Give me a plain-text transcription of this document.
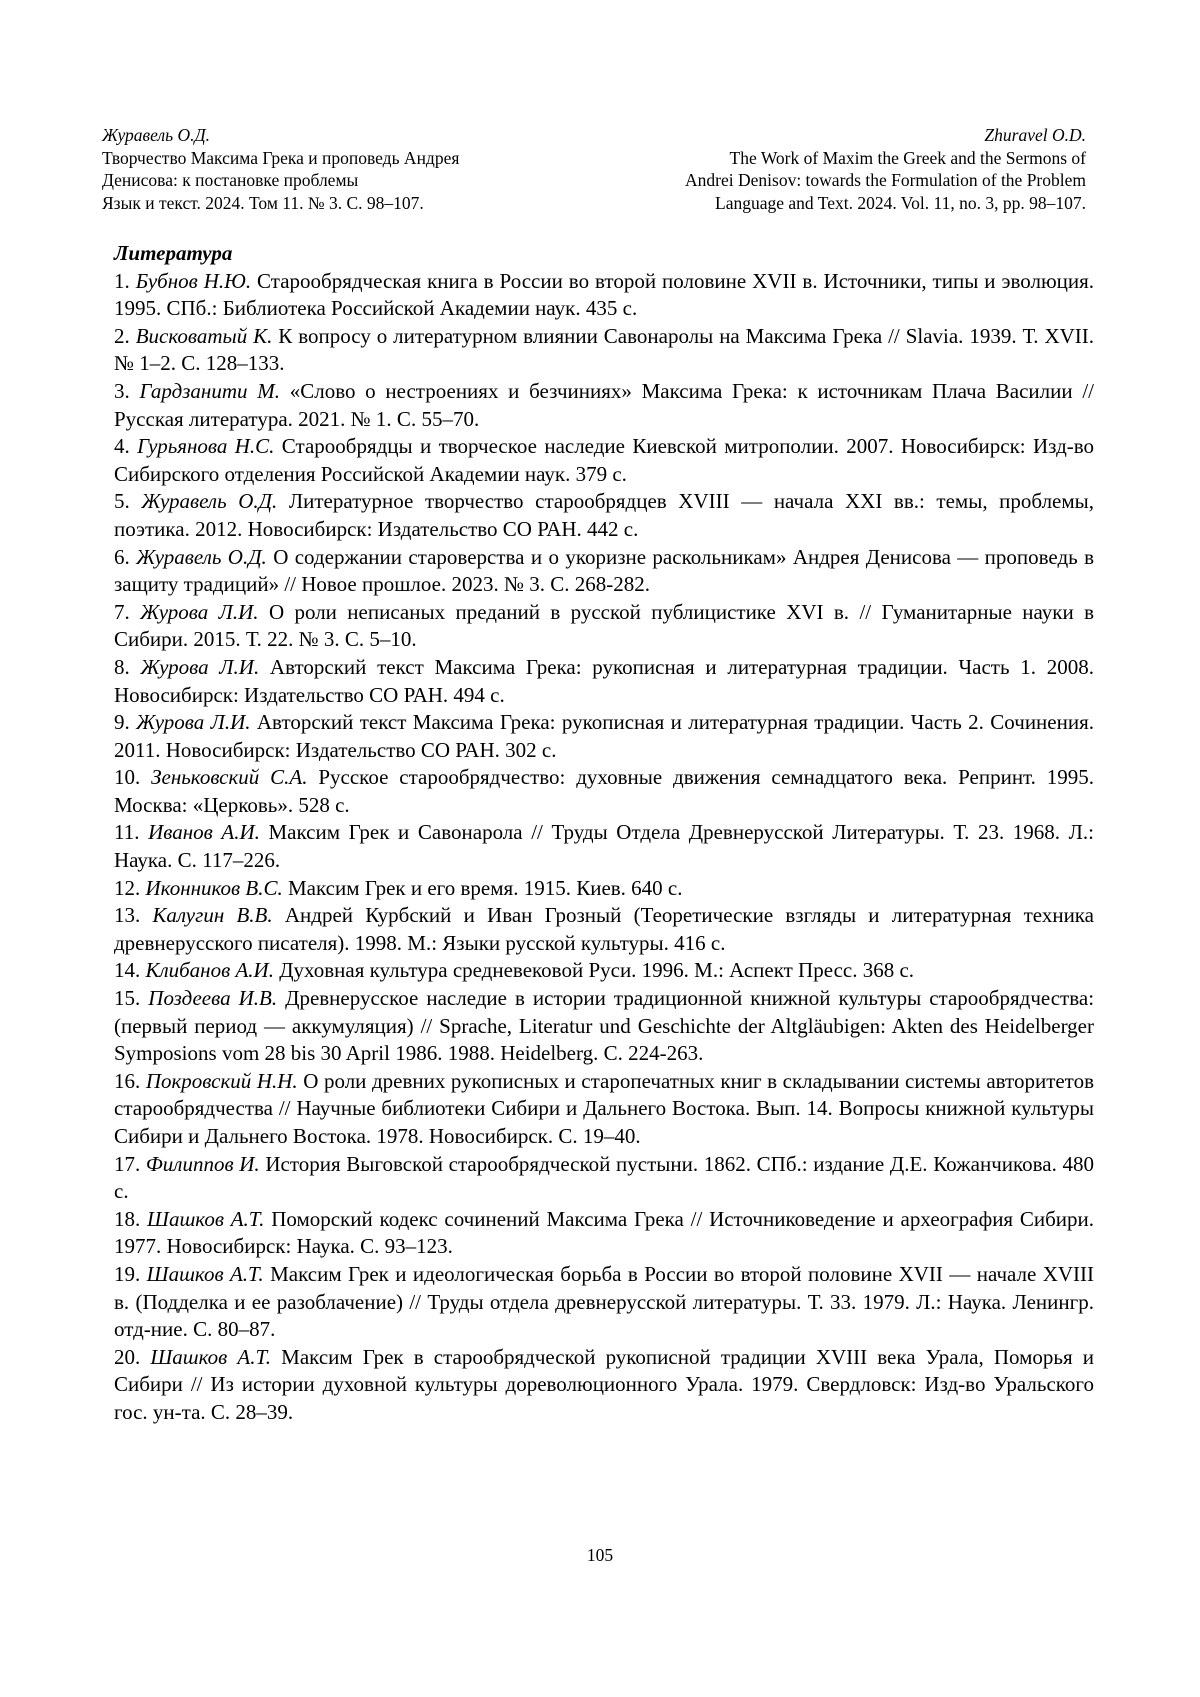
Журавель О.Д.
Творчество Максима Грека и проповедь Андрея
Денисова: к постановке проблемы
Язык и текст. 2024. Том 11. № 3. С. 98–107.
Zhuravel O.D.
The Work of Maxim the Greek and the Sermons of
Andrei Denisov: towards the Formulation of the Problem
Language and Text. 2024. Vol. 11, no. 3, pp. 98–107.

Литература

1. Бубнов Н.Ю. Старообрядческая книга в России во второй половине XVII в. Источники, типы и эволюция. 1995. СПб.: Библиотека Российской Академии наук. 435 с.

2. Висковатый К. К вопросу о литературном влиянии Савонаролы на Максима Грека // Slavia. 1939. Т. XVII. № 1–2. С. 128–133.

3. Гардзанити М. «Слово о нестроениях и безчиниях» Максима Грека: к источникам Плача Василии // Русская литература. 2021. № 1. С. 55–70.

4. Гурьянова Н.С. Старообрядцы и творческое наследие Киевской митрополии. 2007. Новосибирск: Изд-во Сибирского отделения Российской Академии наук. 379 с.

5. Журавель О.Д. Литературное творчество старообрядцев XVIII — начала XXI вв.: темы, проблемы, поэтика. 2012. Новосибирск: Издательство СО РАН. 442 с.

6. Журавель О.Д. О содержании староверства и о укоризне раскольникам» Андрея Денисова — проповедь в защиту традиций» // Новое прошлое. 2023. № 3. С. 268-282.

7. Журова Л.И. О роли неписаных преданий в русской публицистике XVI в. // Гуманитарные науки в Сибири. 2015. Т. 22. № 3. С. 5–10.

8. Журова Л.И. Авторский текст Максима Грека: рукописная и литературная традиции. Часть 1. 2008. Новосибирск: Издательство СО РАН. 494 с.

9. Журова Л.И. Авторский текст Максима Грека: рукописная и литературная традиции. Часть 2. Сочинения. 2011. Новосибирск: Издательство СО РАН. 302 с.

10. Зеньковский С.А. Русское старообрядчество: духовные движения семнадцатого века. Репринт. 1995. Москва: «Церковь». 528 с.

11. Иванов А.И. Максим Грек и Савонарола // Труды Отдела Древнерусской Литературы. Т. 23. 1968. Л.: Наука. С. 117–226.

12. Иконников В.С. Максим Грек и его время. 1915. Киев. 640 с.

13. Калугин В.В. Андрей Курбский и Иван Грозный (Теоретические взгляды и литературная техника древнерусского писателя). 1998. М.: Языки русской культуры. 416 с.

14. Клибанов А.И. Духовная культура средневековой Руси. 1996. М.: Аспект Пресс. 368 с.

15. Поздеева И.В. Древнерусское наследие в истории традиционной книжной культуры старообрядчества: (первый период — аккумуляция) // Sprache, Literatur und Geschichte der Altgläubigen: Akten des Heidelberger Symposions vom 28 bis 30 April 1986. 1988. Heidelberg. С. 224-263.

16. Покровский Н.Н. О роли древних рукописных и старопечатных книг в складывании системы авторитетов старообрядчества // Научные библиотеки Сибири и Дальнего Востока. Вып. 14. Вопросы книжной культуры Сибири и Дальнего Востока. 1978. Новосибирск. С. 19–40.

17. Филиппов И. История Выговской старообрядческой пустыни. 1862. СПб.: издание Д.Е. Кожанчикова. 480 с.

18. Шашков А.Т. Поморский кодекс сочинений Максима Грека // Источниковедение и археография Сибири. 1977. Новосибирск: Наука. С. 93–123.

19. Шашков А.Т. Максим Грек и идеологическая борьба в России во второй половине XVII — начале XVIII в. (Подделка и ее разоблачение) // Труды отдела древнерусской литературы. Т. 33. 1979. Л.: Наука. Ленингр. отд-ние. С. 80–87.

20. Шашков А.Т. Максим Грек в старообрядческой рукописной традиции XVIII века Урала, Поморья и Сибири // Из истории духовной культуры дореволюционного Урала. 1979. Свердловск: Изд-во Уральского гос. ун-та. С. 28–39.

105
